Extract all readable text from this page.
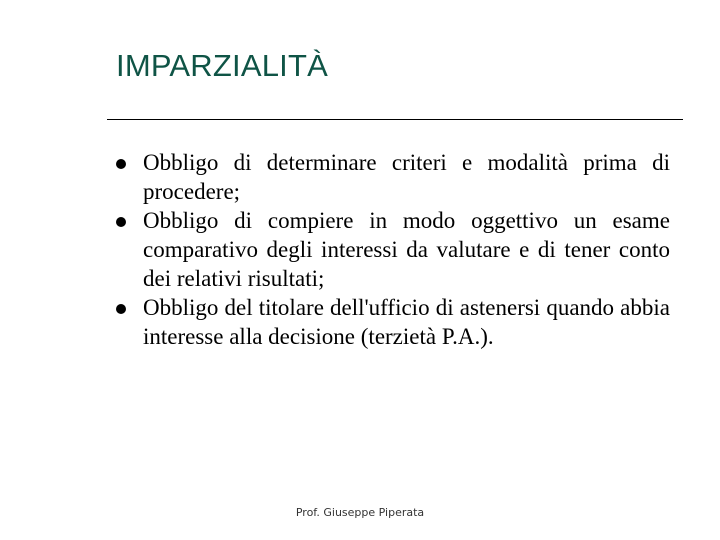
IMPARZIALITÀ
Obbligo di determinare criteri e modalità prima di procedere;
Obbligo di compiere in modo oggettivo un esame comparativo degli interessi da valutare e di tener conto dei relativi risultati;
Obbligo del titolare dell'ufficio di astenersi quando abbia interesse alla decisione (terzietà P.A.).
Prof. Giuseppe Piperata
